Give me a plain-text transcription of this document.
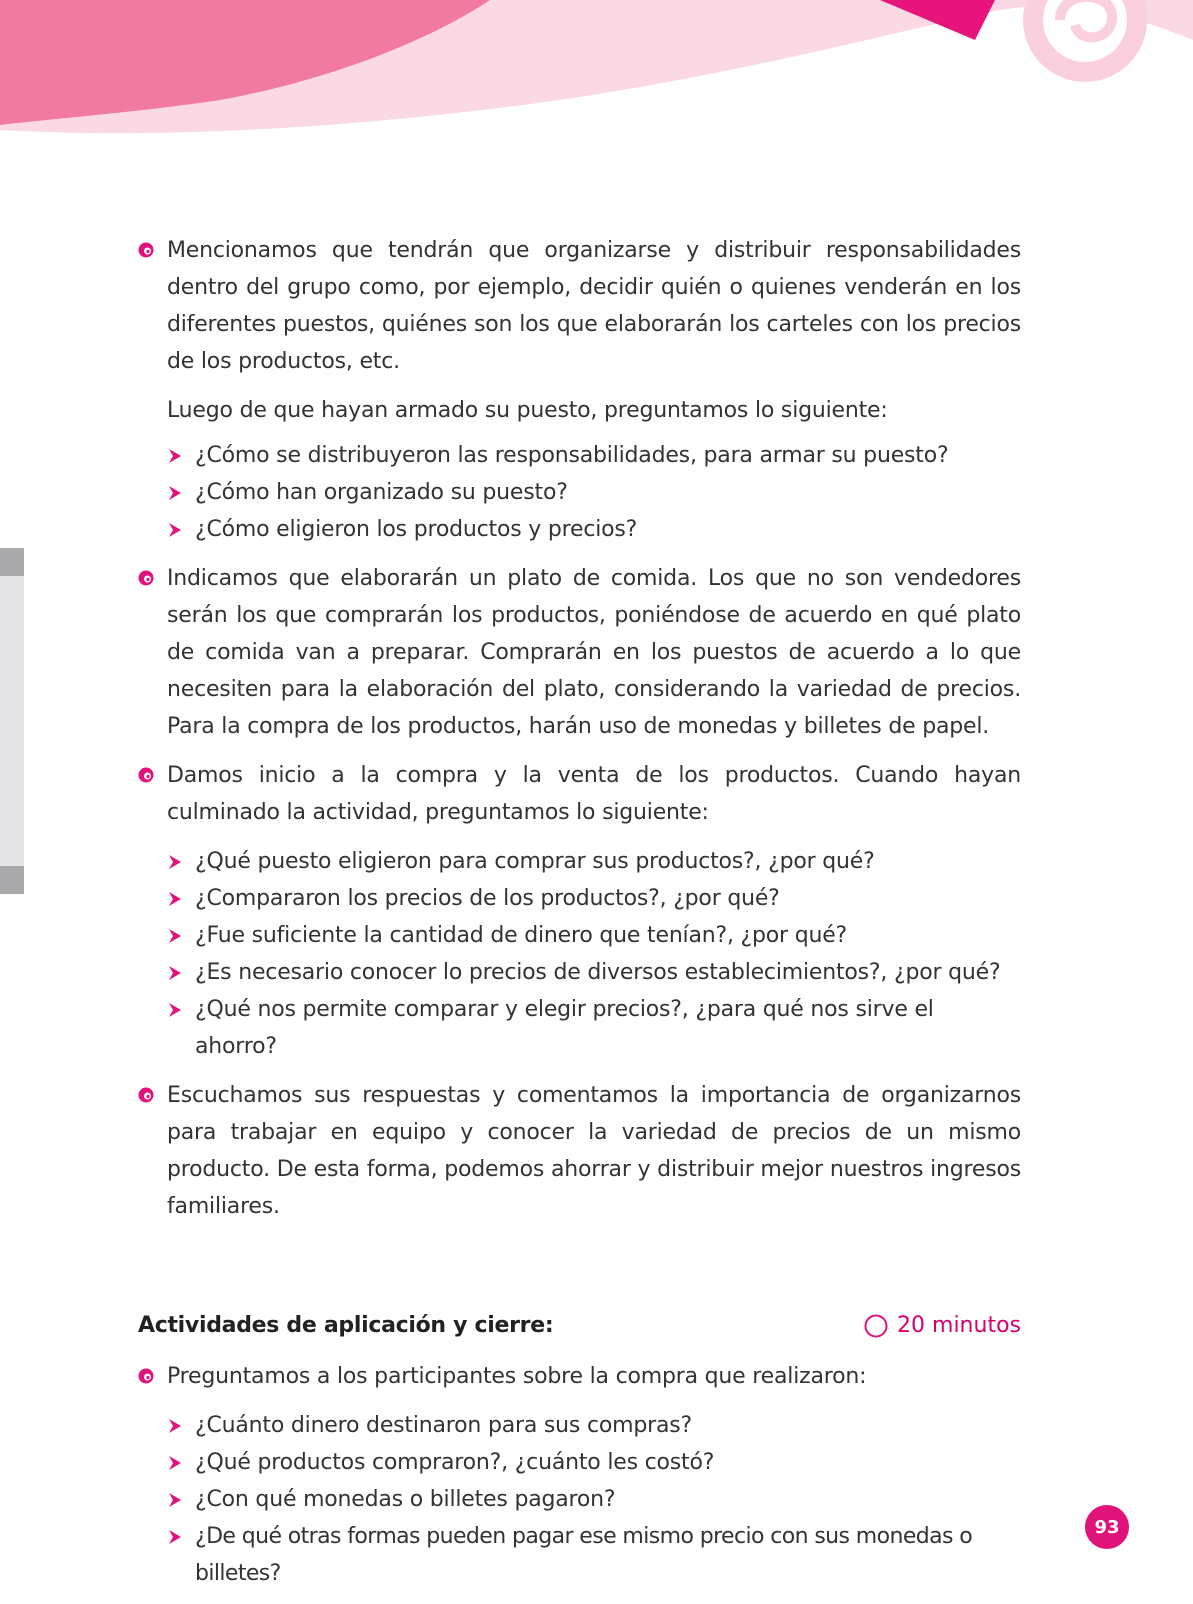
Mencionamos que tendrán que organizarse y distribuir responsabilidades dentro del grupo como, por ejemplo, decidir quién o quienes venderán en los diferentes puestos, quiénes son los que elaborarán los carteles con los precios de los productos, etc.

Luego de que hayan armado su puesto, preguntamos lo siguiente:

¿Cómo se distribuyeron las responsabilidades, para armar su puesto?
¿Cómo han organizado su puesto?
¿Cómo eligieron los productos y precios?

Indicamos que elaborarán un plato de comida. Los que no son vendedores serán los que comprarán los productos, poniéndose de acuerdo en qué plato de comida van a preparar. Comprarán en los puestos de acuerdo a lo que necesiten para la elaboración del plato, considerando la variedad de precios. Para la compra de los productos, harán uso de monedas y billetes de papel.

Damos inicio a la compra y la venta de los productos. Cuando hayan culminado la actividad, preguntamos lo siguiente:

¿Qué puesto eligieron para comprar sus productos?, ¿por qué?
¿Compararon los precios de los productos?, ¿por qué?
¿Fue suficiente la cantidad de dinero que tenían?, ¿por qué?
¿Es necesario conocer lo precios de diversos establecimientos?, ¿por qué?
¿Qué nos permite comparar y elegir precios?, ¿para qué nos sirve el ahorro?

Escuchamos sus respuestas y comentamos la importancia de organizarnos para trabajar en equipo y conocer la variedad de precios de un mismo producto. De esta forma, podemos ahorrar y distribuir mejor nuestros ingresos familiares.

Actividades de aplicación y cierre:	20 minutos

Preguntamos a los participantes sobre la compra que realizaron:

¿Cuánto dinero destinaron para sus compras?
¿Qué productos compraron?, ¿cuánto les costó?
¿Con qué monedas o billetes pagaron?
¿De qué otras formas pueden pagar ese mismo precio con sus monedas o billetes?
93
